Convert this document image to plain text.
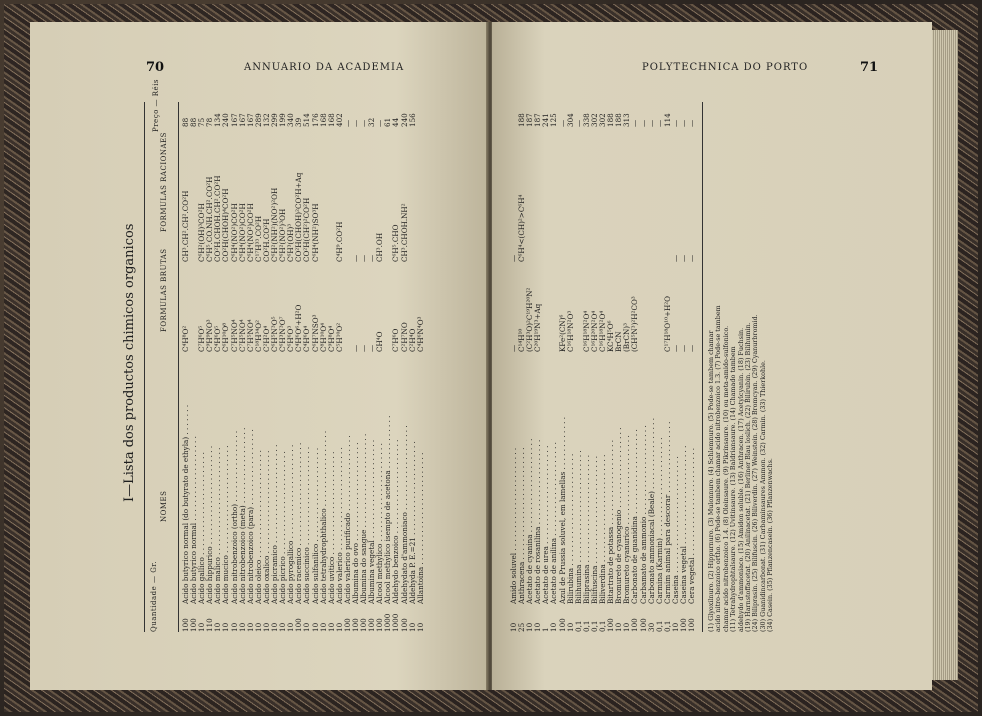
70	ANNUARIO DA ACADEMIA
I—Lista dos productos chimicos organicos
Quantidade — Gr.
NOMES
FORMULAS BRUTAS
FORMULAS RACIONAES
Preço — Réis
100
Acido butyrico normal (do butyrato de ethyla) . . . . . . .
C⁴H⁸O²
CH³.CH².CH².CO²H
88
100
Acido butyrico normal . . . . . . . . . . . . . . . . . . .
88
10
Acido gallico . . . . . . . . . . . . . . . . . . . . . . .
C⁷H⁶O⁵
C⁶H²(OH)³CO²H
75
110
Acido hippurico . . . . . . . . . . . . . . . . . . . . . .
C⁹H⁹NO³
C⁶H⁵.CO.NH.CH².CO²H
78
10
Acido malico . . . . . . . . . . . . . . . . . . . . . . . .
C⁴H⁶O⁵
CO²H.CHOH.CH².CO²H
134
10
Acido mucico . . . . . . . . . . . . . . . . . . . . . . . .
C⁶H¹⁰O⁸
CO²H(CHOH)⁴CO²H
240
10
Acido nitrobenzoico (ortho) . . . . . . . . . . . . . . . .
C⁷H⁵NO⁴
C⁶H⁴(NO²)CO²H
167
10
Acido nitrobenzoico (meta) . . . . . . . . . . . . . . . . .
C⁷H⁵NO⁴
C⁶H⁴(NO²)CO²H
167
10
Acido nitrobenzoico (para) . . . . . . . . . . . . . . . . .
C⁷H⁵NO⁴
C⁶H⁴(NO²)CO²H
167
10
Acido oleico . . . . . . . . . . . . . . . . . . . . . . . .
C¹⁸H³⁴O²
C¹⁷H³³.CO²H
289
10
Acido oxalico . . . . . . . . . . . . . . . . . . . . . . .
C²H²O⁴
CO²H.CO²H
132
10
Acido picramico . . . . . . . . . . . . . . . . . . . . . .
C⁶H⁵N³O⁵
C⁶H²(NH²)(NO²)²OH
299
10
Acido picrico . . . . . . . . . . . . . . . . . . . . . . .
C⁶H³N³O⁷
C⁶H²(NO²)³OH
199
10
Acido pyrogallico . . . . . . . . . . . . . . . . . . . . .
C⁶H⁶O³
C⁶H³(OH)³
340
100
Acido racemico . . . . . . . . . . . . . . . . . . . . . . .
C⁴H⁶O⁶+H²O
CO²H(CHOH)²CO²H+Aq
39
10
Acido succinico . . . . . . . . . . . . . . . . . . . . . .
C⁴H⁶O⁴
CO²H(CH²)²CO²H
514
10
Acido sulfanilico . . . . . . . . . . . . . . . . . . . . .
C⁶H⁷NSO³
C⁶H⁴(NH²)SO³H
176
10
Acido tetrahydrophthalico . . . . . . . . . . . . . . . . .
C⁸H¹⁰O⁴
168
10
Acido uvitico . . . . . . . . . . . . . . . . . . . . . . .
C⁹H⁸O⁴
168
10
Acido valerico . . . . . . . . . . . . . . . . . . . . . . .
C⁵H¹⁰O²
C⁴H⁹.CO²H
402
100
Acido valerico purificado . . . . . . . . . . . . . . . . .
—
100
Albumina do ovo . . . . . . . . . . . . . . . . . . . . . .
—
—
—
100
Albumina do sangue . . . . . . . . . . . . . . . . . . . . .
—
—
—
100
Albumina vegetal . . . . . . . . . . . . . . . . . . . . . .
—
—
32
100
Alcool methylico . . . . . . . . . . . . . . . . . . . . . .
CH⁴O
CH³.OH
—
1000
Alcool methylico isempto de acetona . . . . . . . . . . . .
61
1000
Aldehydo benzoico . . . . . . . . . . . . . . . . . . . . .
C⁷H⁶O
C⁶H⁵.CHO
44
100
Aldehydato d'ammoniaco . . . . . . . . . . . . . . . . . . .
C²H⁷NO
CH³.CHOH.NH²
240
10
Aldehyda P. E.=21 . . . . . . . . . . . . . . . . . . . . .
C²H⁴O
156
10
Allantoina . . . . . . . . . . . . . . . . . . . . . . . . .
C⁴H⁶N⁴O³
POLYTECHNICA DO PORTO	71
10
Amido soluvel . . . . . . . . . . . . . . . . . . . . . . .
—
—
25
Anthracena . . . . . . . . . . . . . . . . . . . . . . . . .
C¹⁴H¹⁰
C⁶H⁴<(CH)²>C⁶H⁴
188
10
Acetato de cyanina . . . . . . . . . . . . . . . . . . . . .
(C²H³O)²C¹⁹H²⁰N²
187
10
Acetato de rosanilina . . . . . . . . . . . . . . . . . . .
C²⁰H¹⁹N³+Aq
187
1
Acetato de urea . . . . . . . . . . . . . . . . . . . . . .
241
10
Acetato de anilina . . . . . . . . . . . . . . . . . . . . .
125
100
Azul de Prussia soluvel, em lamellas . . . . . . . . . . . .
KFe²(CN)⁶
—
10
Bilirubina . . . . . . . . . . . . . . . . . . . . . . . . .
C¹⁶H¹⁸N²O³
304
0,1
Bilihumina . . . . . . . . . . . . . . . . . . . . . . . . .
—
0,1
Biliprasina . . . . . . . . . . . . . . . . . . . . . . . .
C¹⁶H¹⁸N²O⁴
338
0,1
Bilifuscina . . . . . . . . . . . . . . . . . . . . . . . .
C¹⁶H²⁰N²O⁴
302
0,1
Biliverdina . . . . . . . . . . . . . . . . . . . . . . . .
C¹⁶H¹⁸N²O⁴
302
100
Bitartrato de potassa . . . . . . . . . . . . . . . . . . .
KC⁴H⁵O⁶
188
10
Bromureto de cyanogenio . . . . . . . . . . . . . . . . . .
BrCN
188
10
Bromureto cyanurico . . . . . . . . . . . . . . . . . . . .
(BrCN)³
313
100
Carbonato de guanidina . . . . . . . . . . . . . . . . . . .
(CH⁵N³)²H²CO³
—
100
Carbamato de ammonio . . . . . . . . . . . . . . . . . . . .
—
30
Carbonato ammoniacal (Beale) . . . . . . . . . . . . . . . .
—
0,1
Carmina (Karmin) . . . . . . . . . . . . . . . . . . . . . .
—
0,1
Carmim animal para descorar . . . . . . . . . . . . . . . .
C¹⁷H¹⁸O¹⁰+H²O
114
10
Caseina . . . . . . . . . . . . . . . . . . . . . . . . . .
—
—
—
100
Caseina vegetal . . . . . . . . . . . . . . . . . . . . . .
—
—
—
100
Cera vegetal . . . . . . . . . . . . . . . . . . . . . . . .
—
—
—
(1) Glyoxilnuro. (2) Hippurnuro. (3) Mulonnuro. (4) Schlemnuro. (5) Pode-se tambem chamar acido nitro-benzoico ortho. (6) Pode-se tambem chamar acido nitrobenzoico 1.3. (7) Pode-se tambem chamar acido nitrobenzoico 1.4. (8) Oleinsaure. (9) Pikrinsaure. (10) ou meta-amido-sulfonico. (11) Tetrahydrophtalsaure. (12) Uvitinsaure. (13) Baldriansaure. (14) Chamado tambem aldehydo d'ammoniaco. (15) Amidon soluble. (16) Anthracen. (17) Acetylcyanin. (18) Fuchsin. (19) Harnstoffacetat. (20) Anilinacetat. (21) Berliner Blau loslich. (22) Bilirubin. (23) Bilihumin. (24) Biliprasin. (25) Bilifuscin. (26) Biliverdin. (27) Weinstein. (28) Bromcyan. (29) Cyanurbromid. (30) Guanidincarbonat. (31) Carbaminsaures Ammon. (32) Carmin. (33) Thierkohle. (34) Casein. (35) Pflanzencasein. (36) Pflanzenwachs.
